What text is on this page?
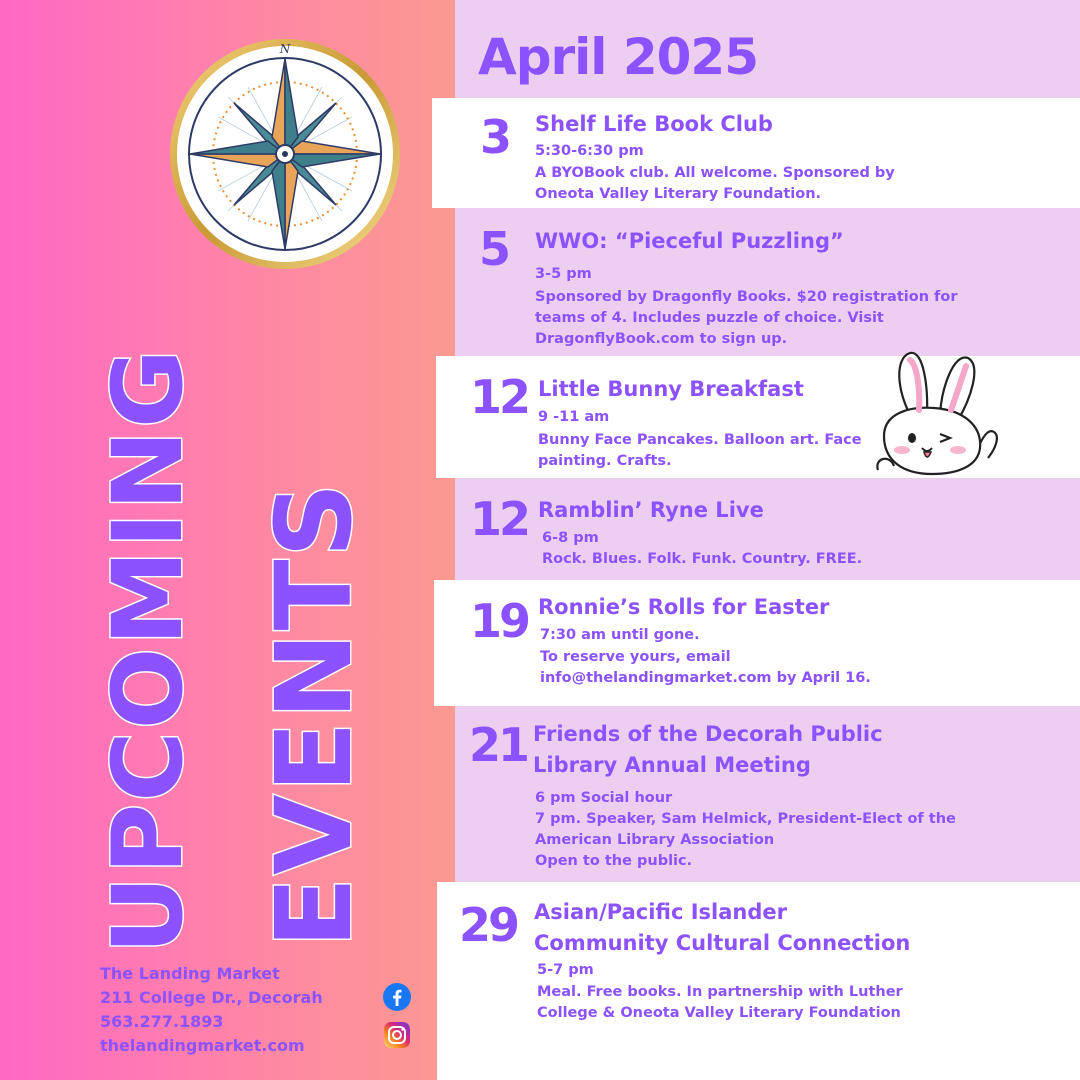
N
UPCOMING EVENTS
April 2025
3 Shelf Life Book Club
5:30-6:30 pm
A BYOBook club. All welcome. Sponsored by
Oneota Valley Literary Foundation.
5 WWO: “Pieceful Puzzling”
3-5 pm
Sponsored by Dragonfly Books. $20 registration for
teams of 4. Includes puzzle of choice. Visit
DragonflyBook.com to sign up.
12 Little Bunny Breakfast
9 -11 am
Bunny Face Pancakes. Balloon art. Face
painting. Crafts.
12 Ramblin’ Ryne Live
6-8 pm
Rock. Blues. Folk. Funk. Country. FREE.
19 Ronnie’s Rolls for Easter
7:30 am until gone.
To reserve yours, email
info@thelandingmarket.com by April 16.
21 Friends of the Decorah Public
Library Annual Meeting
6 pm Social hour
7 pm. Speaker, Sam Helmick, President-Elect of the
American Library Association
Open to the public.
29 Asian/Pacific Islander
Community Cultural Connection
5-7 pm
Meal. Free books. In partnership with Luther
College & Oneota Valley Literary Foundation
The Landing Market
211 College Dr., Decorah
563.277.1893
thelandingmarket.com
